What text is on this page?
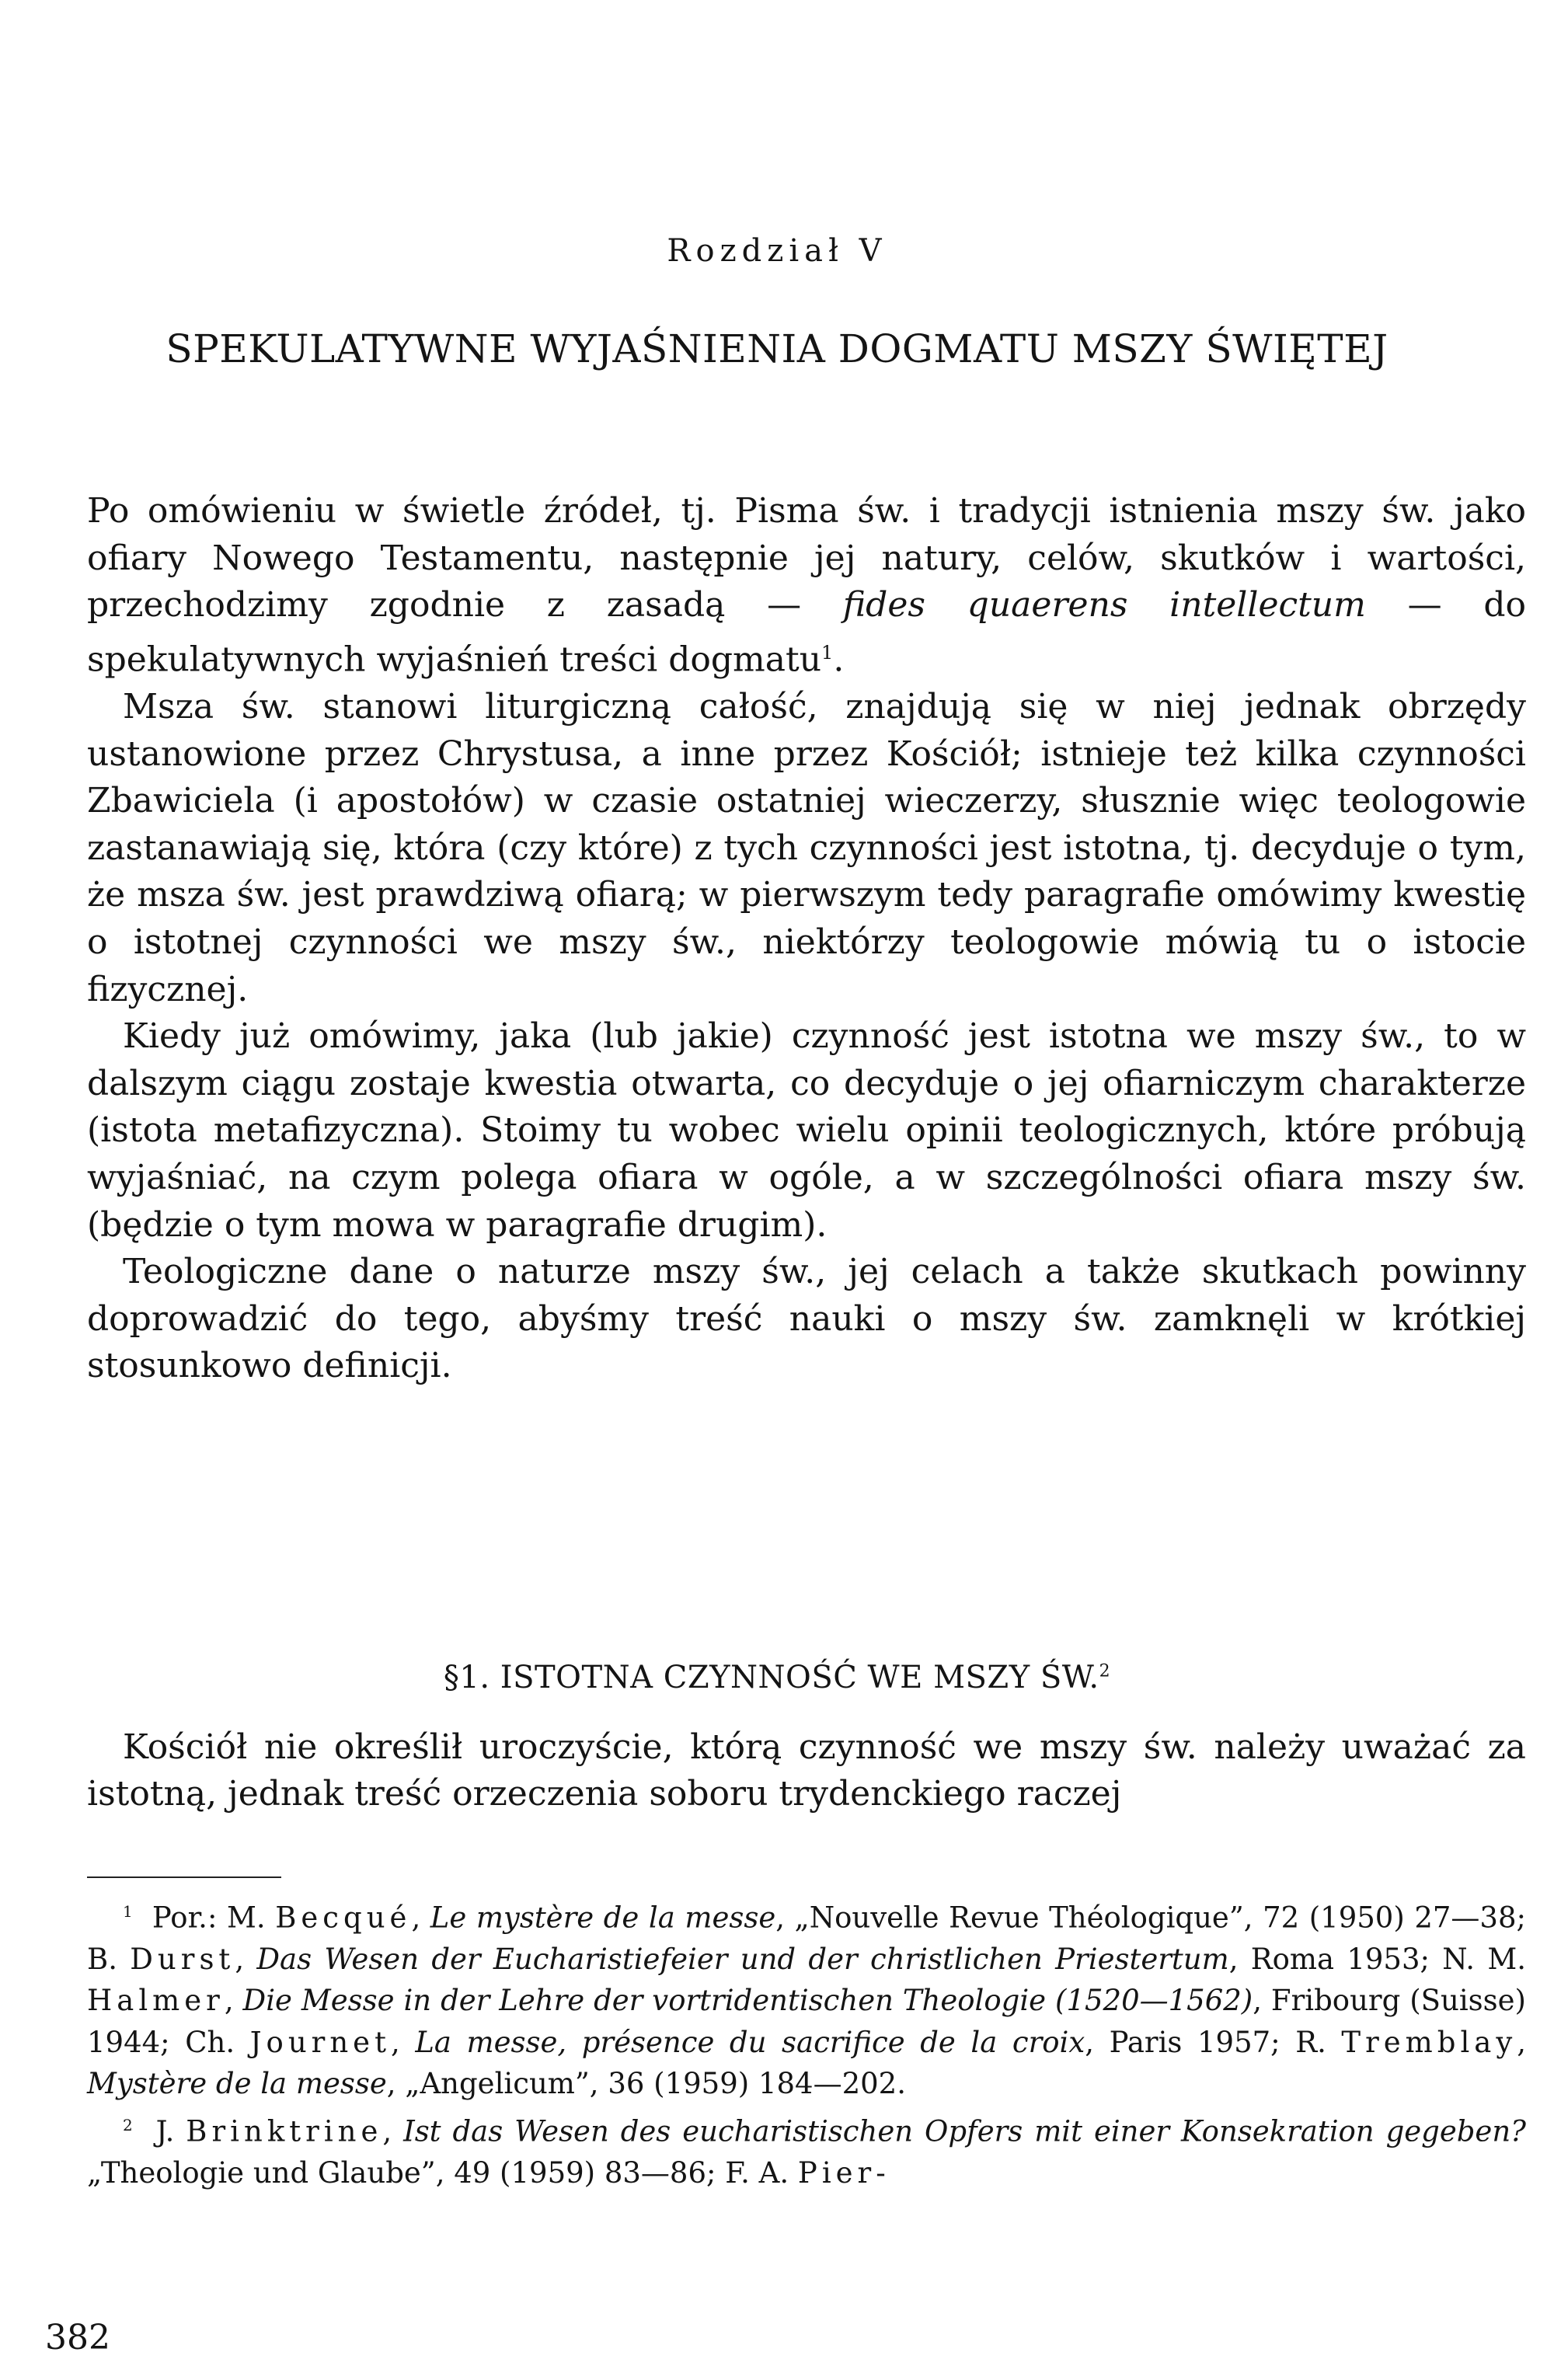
Rozdział V
SPEKULATYWNE WYJAŚNIENIA DOGMATU MSZY ŚWIĘTEJ

Po omówieniu w świetle źródeł, tj. Pisma św. i tradycji istnienia mszy św. jako ofiary Nowego Testamentu, następnie jej natury, celów, skutków i wartości, przechodzimy zgodnie z zasadą — fides quaerens intellectum — do spekulatywnych wyjaśnień treści dogmatu$^1$.

Msza św. stanowi liturgiczną całość, znajdują się w niej jednak obrzędy ustanowione przez Chrystusa, a inne przez Kościół; istnieje też kilka czynności Zbawiciela (i apostołów) w czasie ostatniej wieczerzy, słusznie więc teologowie zastanawiają się, która (czy które) z tych czynności jest istotna, tj. decyduje o tym, że msza św. jest prawdziwą ofiarą; w pierwszym tedy paragrafie omówimy kwestię o istotnej czynności we mszy św., niektórzy teologowie mówią tu o istocie fizycznej.

Kiedy już omówimy, jaka (lub jakie) czynność jest istotna we mszy św., to w dalszym ciągu zostaje kwestia otwarta, co decyduje o jej ofiarniczym charakterze (istota metafizyczna). Stoimy tu wobec wielu opinii teologicznych, które próbują wyjaśniać, na czym polega ofiara w ogóle, a w szczególności ofiara mszy św. (będzie o tym mowa w paragrafie drugim).

Teologiczne dane o naturze mszy św., jej celach a także skutkach powinny doprowadzić do tego, abyśmy treść nauki o mszy św. zamknęli w krótkiej stosunkowo definicji.

§1. ISTOTNA CZYNNOŚĆ WE MSZY ŚW.$^2$

Kościół nie określił uroczyście, którą czynność we mszy św. należy uważać za istotną, jednak treść orzeczenia soboru trydenckiego raczej

$^1$ Por.: M. Becqué, Le mystère de la messe, „Nouvelle Revue Théologique”, 72 (1950) 27—38; B. Durst, Das Wesen der Eucharistiefeier und der christlichen Priestertum, Roma 1953; N. M. Halmer, Die Messe in der Lehre der vortridentischen Theologie (1520—1562), Fribourg (Suisse) 1944; Ch. Journet, La messe, présence du sacrifice de la croix, Paris 1957; R. Tremblay, Mystère de la messe, „Angelicum”, 36 (1959) 184—202.

$^2$ J. Brinktrine, Ist das Wesen des eucharistischen Opfers mit einer Konsekration gegeben? „Theologie und Glaube”, 49 (1959) 83—86; F. A. Pier-

382
